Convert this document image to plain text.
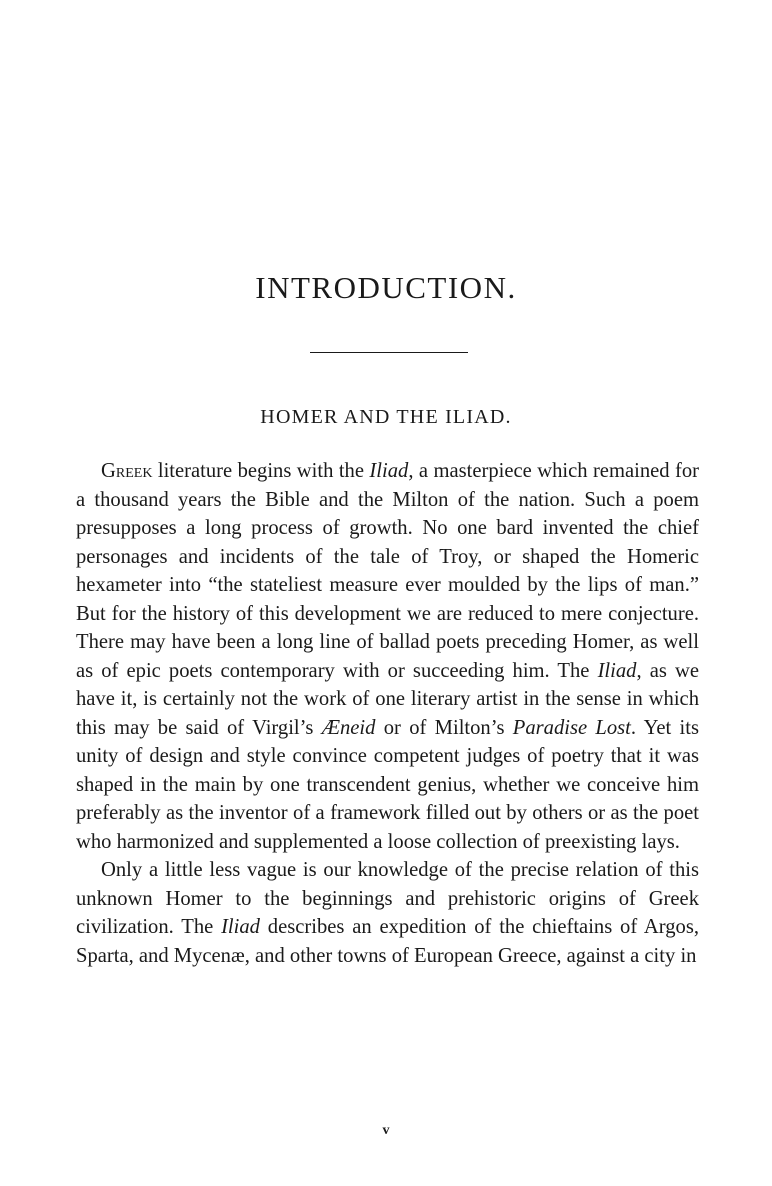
INTRODUCTION.
HOMER AND THE ILIAD.

Greek literature begins with the Iliad, a masterpiece which remained for a thousand years the Bible and the Milton of the nation. Such a poem presupposes a long process of growth. No one bard invented the chief personages and incidents of the tale of Troy, or shaped the Homeric hexameter into “the stateliest measure ever moulded by the lips of man.” But for the history of this development we are reduced to mere conjecture. There may have been a long line of ballad poets preceding Homer, as well as of epic poets contemporary with or succeeding him. The Iliad, as we have it, is certainly not the work of one literary artist in the sense in which this may be said of Virgil’s Æneid or of Milton’s Paradise Lost. Yet its unity of design and style convince competent judges of poetry that it was shaped in the main by one transcendent genius, whether we conceive him preferably as the inventor of a framework filled out by others or as the poet who harmonized and supplemented a loose collection of preexisting lays.

Only a little less vague is our knowledge of the precise relation of this unknown Homer to the beginnings and prehistoric origins of Greek civilization. The Iliad describes an expedition of the chieftains of Argos, Sparta, and Mycenæ, and other towns of European Greece, against a city in

v
